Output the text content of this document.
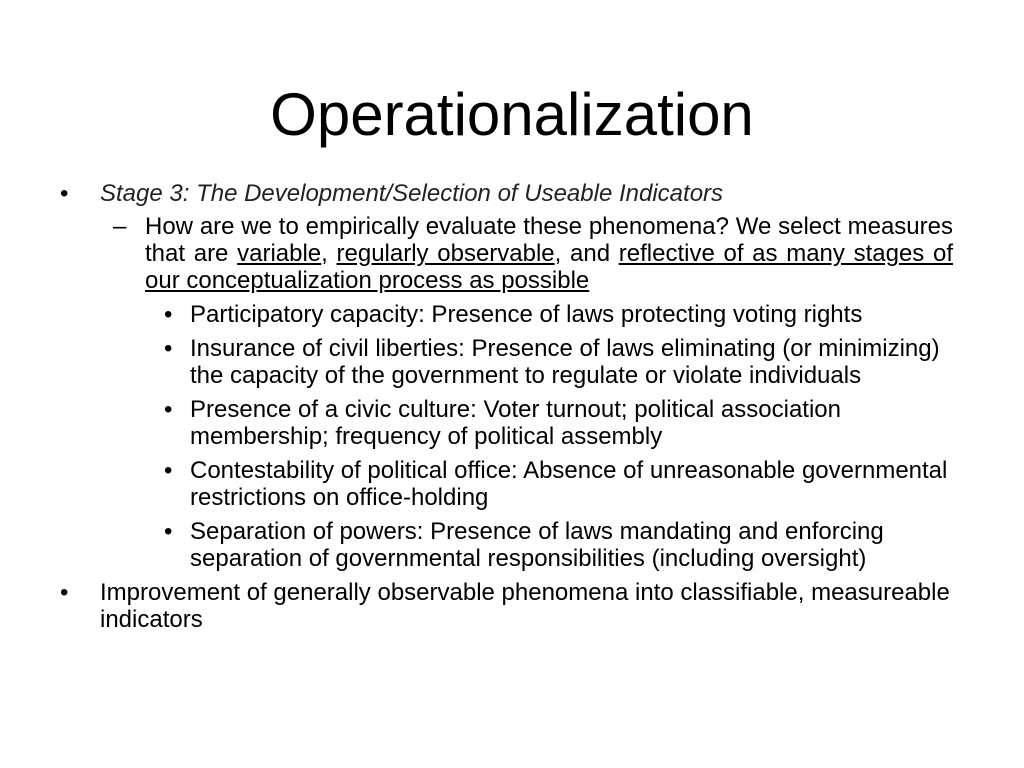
Operationalization
• Stage 3: The Development/Selection of Useable Indicators
– How are we to empirically evaluate these phenomena? We select measures that are variable, regularly observable, and reflective of as many stages of our conceptualization process as possible
• Participatory capacity: Presence of laws protecting voting rights
• Insurance of civil liberties: Presence of laws eliminating (or minimizing) the capacity of the government to regulate or violate individuals
• Presence of a civic culture: Voter turnout; political association membership; frequency of political assembly
• Contestability of political office: Absence of unreasonable governmental restrictions on office-holding
• Separation of powers: Presence of laws mandating and enforcing separation of governmental responsibilities (including oversight)
• Improvement of generally observable phenomena into classifiable, measureable indicators
